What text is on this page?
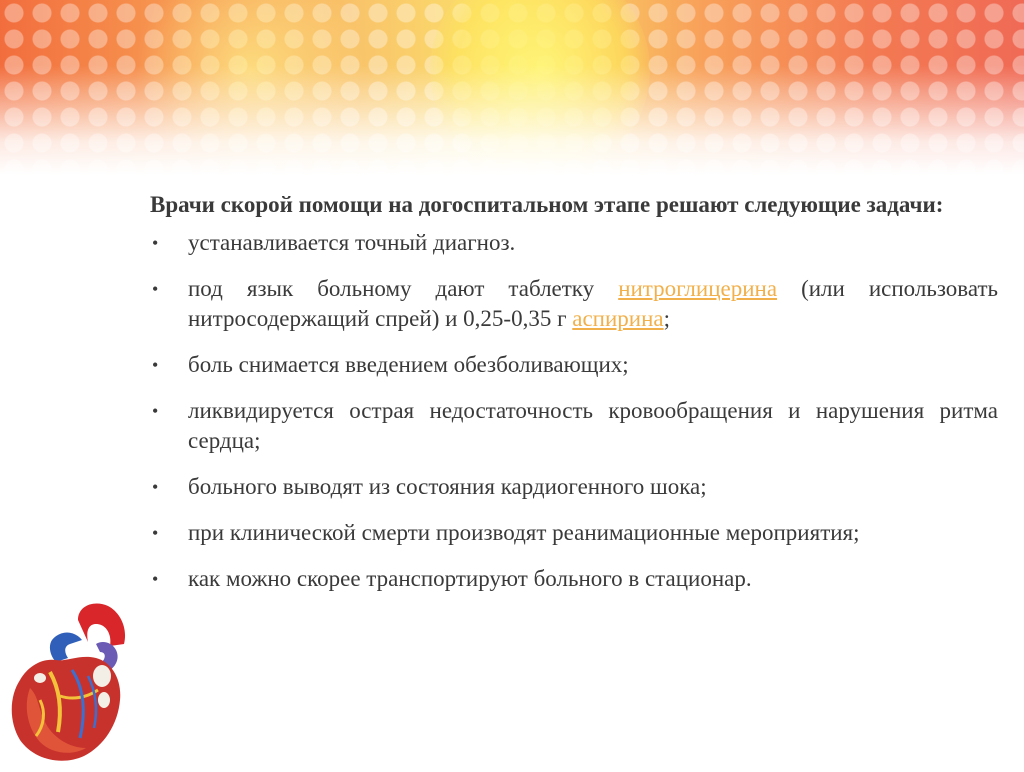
Врачи скорой помощи на догоспитальном этапе решают следующие задачи:

• устанавливается точный диагноз.
• под язык больному дают таблетку нитроглицерина (или использовать нитросодержащий спрей) и 0,25-0,35 г аспирина;
• боль снимается введением обезболивающих;
• ликвидируется острая недостаточность кровообращения и нарушения ритма сердца;
• больного выводят из состояния кардиогенного шока;
• при клинической смерти производят реанимационные мероприятия;
• как можно скорее транспортируют больного в стационар.
